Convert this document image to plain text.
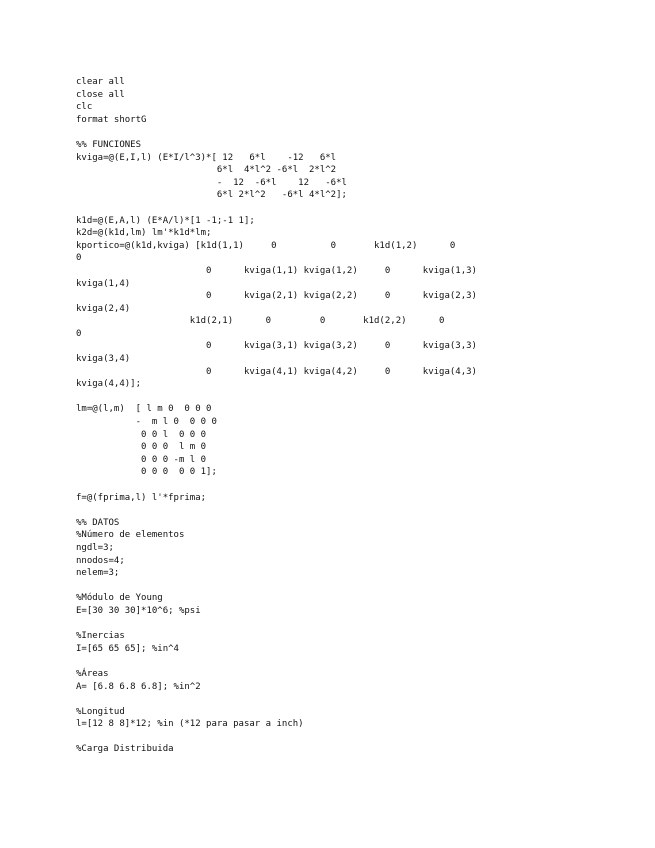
clear all
close all
clc
format shortG

%% FUNCIONES
kviga=@(E,I,l) (E*I/l^3)*[ 12   6*l    -12   6*l
6*l  4*l^2 -6*l  2*l^2
-  12  -6*l    12   -6*l
6*l 2*l^2   -6*l 4*l^2];

k1d=@(E,A,l) (E*A/l)*[1 -1;-1 1];
k2d=@(k1d,lm) lm'*k1d*lm;
kportico=@(k1d,kviga) [k1d(1,1)     0          0       k1d(1,2)      0
0
0      kviga(1,1) kviga(1,2)     0      kviga(1,3)
kviga(1,4)
0      kviga(2,1) kviga(2,2)     0      kviga(2,3)
kviga(2,4)
k1d(2,1)      0         0       k1d(2,2)      0
0
0      kviga(3,1) kviga(3,2)     0      kviga(3,3)
kviga(3,4)
0      kviga(4,1) kviga(4,2)     0      kviga(4,3)
kviga(4,4)];

lm=@(l,m)  [ l m 0  0 0 0
-  m l 0  0 0 0
0 0 l  0 0 0
0 0 0  l m 0
0 0 0 -m l 0
0 0 0  0 0 1];

f=@(fprima,l) l'*fprima;

%% DATOS
%Número de elementos
ngdl=3;
nnodos=4;
nelem=3;

%Módulo de Young
E=[30 30 30]*10^6; %psi

%Inercias
I=[65 65 65]; %in^4

%Áreas
A= [6.8 6.8 6.8]; %in^2

%Longitud
l=[12 8 8]*12; %in (*12 para pasar a inch)

%Carga Distribuida
